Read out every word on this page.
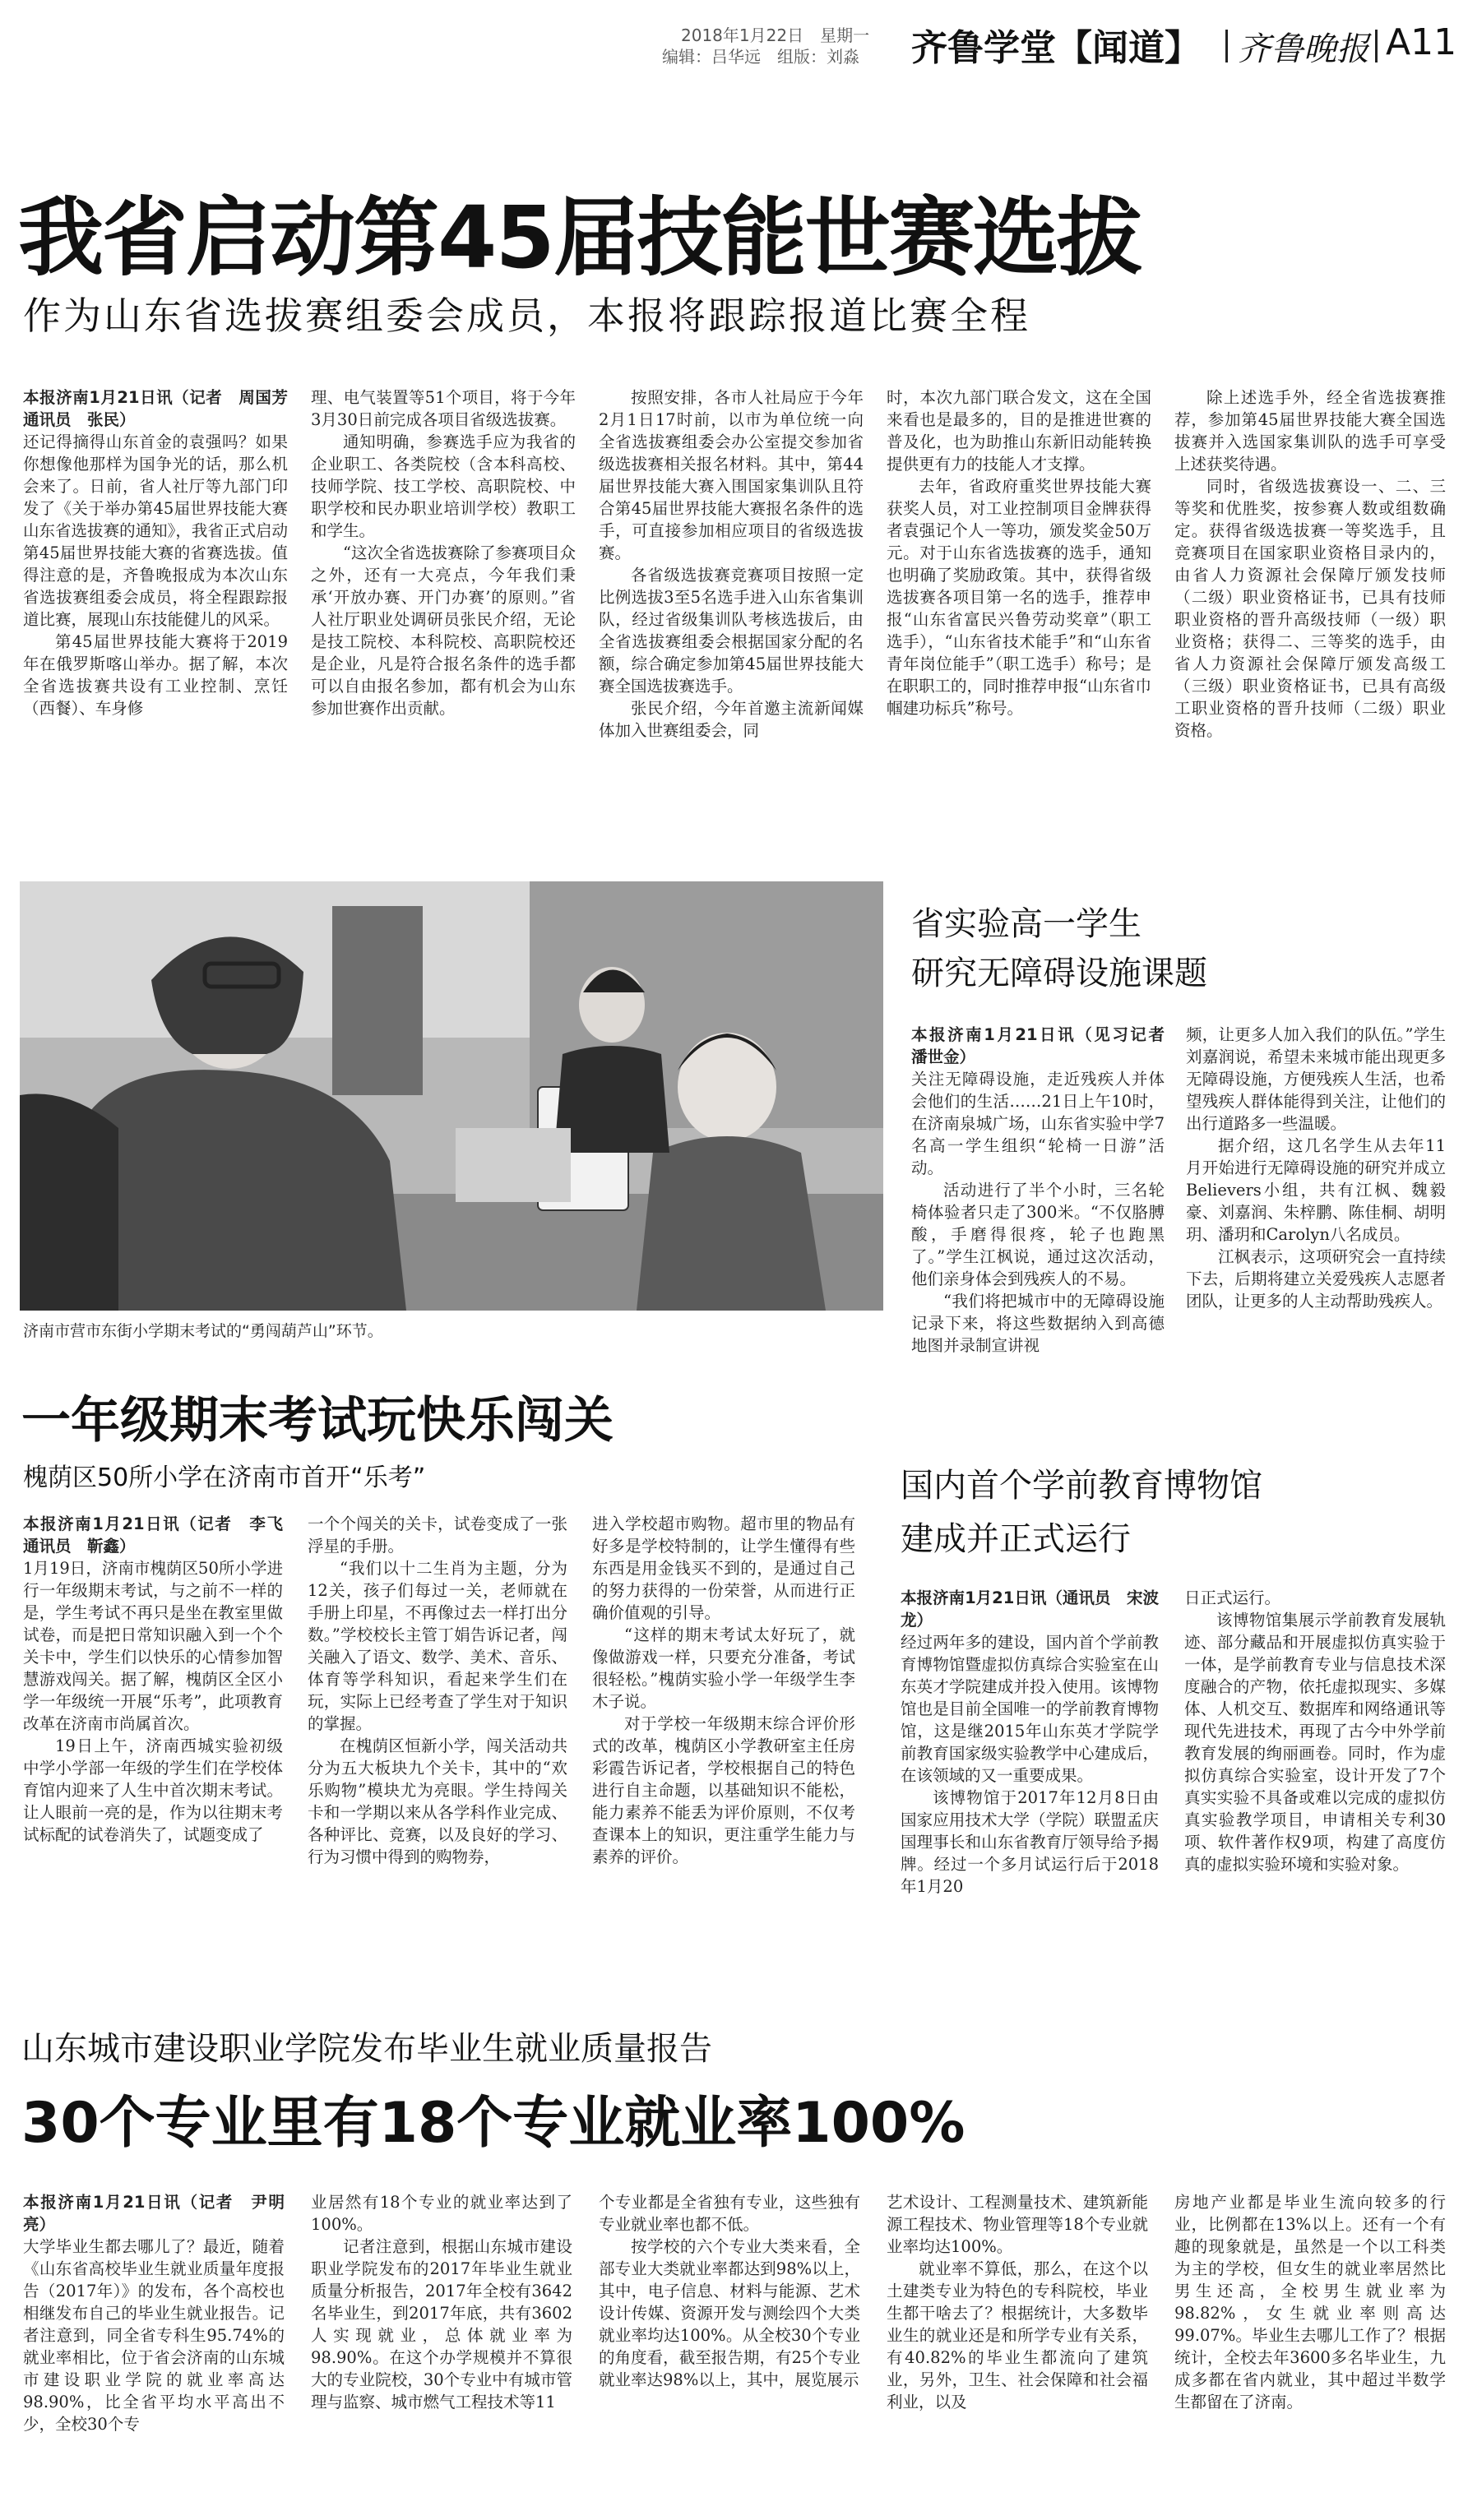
2018年1月22日　星期一
编辑：吕华远　组版：刘淼	齐鲁学堂【闻道】 齐鲁晚报 A11
我省启动第45届技能世赛选拔
作为山东省选拔赛组委会成员，本报将跟踪报道比赛全程

本报济南1月21日讯（记者　周国芳　通讯员　张民）

还记得摘得山东首金的袁强吗？如果你想像他那样为国争光的话，那么机会来了。日前，省人社厅等九部门印发了《关于举办第45届世界技能大赛山东省选拔赛的通知》，我省正式启动第45届世界技能大赛的省赛选拔。值得注意的是，齐鲁晚报成为本次山东省选拔赛组委会成员，将全程跟踪报道比赛，展现山东技能健儿的风采。

第45届世界技能大赛将于2019年在俄罗斯喀山举办。据了解，本次全省选拔赛共设有工业控制、烹饪（西餐）、车身修

理、电气装置等51个项目，将于今年3月30日前完成各项目省级选拔赛。

通知明确，参赛选手应为我省的企业职工、各类院校（含本科高校、技师学院、技工学校、高职院校、中职学校和民办职业培训学校）教职工和学生。

“这次全省选拔赛除了参赛项目众之外，还有一大亮点，今年我们秉承‘开放办赛、开门办赛’的原则。”省人社厅职业处调研员张民介绍，无论是技工院校、本科院校、高职院校还是企业，凡是符合报名条件的选手都可以自由报名参加，都有机会为山东参加世赛作出贡献。

按照安排，各市人社局应于今年2月1日17时前，以市为单位统一向全省选拔赛组委会办公室提交参加省级选拔赛相关报名材料。其中，第44届世界技能大赛入围国家集训队且符合第45届世界技能大赛报名条件的选手，可直接参加相应项目的省级选拔赛。

各省级选拔赛竞赛项目按照一定比例选拔3至5名选手进入山东省集训队，经过省级集训队考核选拔后，由全省选拔赛组委会根据国家分配的名额，综合确定参加第45届世界技能大赛全国选拔赛选手。

张民介绍，今年首邀主流新闻媒体加入世赛组委会，同

时，本次九部门联合发文，这在全国来看也是最多的，目的是推进世赛的普及化，也为助推山东新旧动能转换提供更有力的技能人才支撑。

去年，省政府重奖世界技能大赛获奖人员，对工业控制项目金牌获得者袁强记个人一等功，颁发奖金50万元。对于山东省选拔赛的选手，通知也明确了奖励政策。其中，获得省级选拔赛各项目第一名的选手，推荐申报“山东省富民兴鲁劳动奖章”（职工选手），“山东省技术能手”和“山东省青年岗位能手”（职工选手）称号；是在职职工的，同时推荐申报“山东省巾帼建功标兵”称号。

除上述选手外，经全省选拔赛推荐，参加第45届世界技能大赛全国选拔赛并入选国家集训队的选手可享受上述获奖待遇。

同时，省级选拔赛设一、二、三等奖和优胜奖，按参赛人数或组数确定。获得省级选拔赛一等奖选手，且竞赛项目在国家职业资格目录内的，由省人力资源社会保障厅颁发技师（二级）职业资格证书，已具有技师职业资格的晋升高级技师（一级）职业资格；获得二、三等奖的选手，由省人力资源社会保障厅颁发高级工（三级）职业资格证书，已具有高级工职业资格的晋升技师（二级）职业资格。

济南市营市东街小学期末考试的“勇闯葫芦山”环节。
省实验高一学生
研究无障碍设施课题

本报济南1月21日讯（见习记者　潘世金）

关注无障碍设施，走近残疾人并体会他们的生活……21日上午10时，在济南泉城广场，山东省实验中学7名高一学生组织“轮椅一日游”活动。

活动进行了半个小时，三名轮椅体验者只走了300米。“不仅胳膊酸，手磨得很疼，轮子也跑黑了。”学生江枫说，通过这次活动，他们亲身体会到残疾人的不易。

“我们将把城市中的无障碍设施记录下来，将这些数据纳入到高德地图并录制宣讲视

频，让更多人加入我们的队伍。”学生刘嘉润说，希望未来城市能出现更多无障碍设施，方便残疾人生活，也希望残疾人群体能得到关注，让他们的出行道路多一些温暖。

据介绍，这几名学生从去年11月开始进行无障碍设施的研究并成立Believers小组，共有江枫、魏毅豪、刘嘉润、朱梓鹏、陈佳桐、胡明玥、潘玥和Carolyn八名成员。

江枫表示，这项研究会一直持续下去，后期将建立关爱残疾人志愿者团队，让更多的人主动帮助残疾人。

一年级期末考试玩快乐闯关
槐荫区50所小学在济南市首开“乐考”

本报济南1月21日讯（记者　李飞　通讯员　靳鑫）

1月19日，济南市槐荫区50所小学进行一年级期末考试，与之前不一样的是，学生考试不再只是坐在教室里做试卷，而是把日常知识融入到一个个关卡中，学生们以快乐的心情参加智慧游戏闯关。据了解，槐荫区全区小学一年级统一开展“乐考”，此项教育改革在济南市尚属首次。

19日上午，济南西城实验初级中学小学部一年级的学生们在学校体育馆内迎来了人生中首次期末考试。让人眼前一亮的是，作为以往期末考试标配的试卷消失了，试题变成了

一个个闯关的关卡，试卷变成了一张浮星的手册。

“我们以十二生肖为主题，分为12关，孩子们每过一关，老师就在手册上印星，不再像过去一样打出分数。”学校校长主管丁娟告诉记者，闯关融入了语文、数学、美术、音乐、体育等学科知识，看起来学生们在玩，实际上已经考查了学生对于知识的掌握。

在槐荫区恒新小学，闯关活动共分为五大板块九个关卡，其中的“欢乐购物”模块尤为亮眼。学生持闯关卡和一学期以来从各学科作业完成、各种评比、竞赛，以及良好的学习、行为习惯中得到的购物券，

进入学校超市购物。超市里的物品有好多是学校特制的，让学生懂得有些东西是用金钱买不到的，是通过自己的努力获得的一份荣誉，从而进行正确价值观的引导。

“这样的期末考试太好玩了，就像做游戏一样，只要充分准备，考试很轻松。”槐荫实验小学一年级学生李木子说。

对于学校一年级期末综合评价形式的改革，槐荫区小学教研室主任房彩霞告诉记者，学校根据自己的特色进行自主命题，以基础知识不能松，能力素养不能丢为评价原则，不仅考查课本上的知识，更注重学生能力与素养的评价。

国内首个学前教育博物馆
建成并正式运行

本报济南1月21日讯（通讯员　宋波龙）

经过两年多的建设，国内首个学前教育博物馆暨虚拟仿真综合实验室在山东英才学院建成并投入使用。该博物馆也是目前全国唯一的学前教育博物馆，这是继2015年山东英才学院学前教育国家级实验教学中心建成后，在该领域的又一重要成果。

该博物馆于2017年12月8日由国家应用技术大学（学院）联盟孟庆国理事长和山东省教育厅领导给予揭牌。经过一个多月试运行后于2018年1月20

日正式运行。

该博物馆集展示学前教育发展轨迹、部分藏品和开展虚拟仿真实验于一体，是学前教育专业与信息技术深度融合的产物，依托虚拟现实、多媒体、人机交互、数据库和网络通讯等现代先进技术，再现了古今中外学前教育发展的绚丽画卷。同时，作为虚拟仿真综合实验室，设计开发了7个真实实验不具备或难以完成的虚拟仿真实验教学项目，申请相关专利30项、软件著作权9项，构建了高度仿真的虚拟实验环境和实验对象。

山东城市建设职业学院发布毕业生就业质量报告
30个专业里有18个专业就业率100%

本报济南1月21日讯（记者　尹明亮）

大学毕业生都去哪儿了？最近，随着《山东省高校毕业生就业质量年度报告（2017年）》的发布，各个高校也相继发布自己的毕业生就业报告。记者注意到，同全省专科生95.74%的就业率相比，位于省会济南的山东城市建设职业学院的就业率高达98.90%，比全省平均水平高出不少，全校30个专

业居然有18个专业的就业率达到了100%。

记者注意到，根据山东城市建设职业学院发布的2017年毕业生就业质量分析报告，2017年全校有3642名毕业生，到2017年底，共有3602人实现就业，总体就业率为98.90%。在这个办学规模并不算很大的专业院校，30个专业中有城市管理与监察、城市燃气工程技术等11

个专业都是全省独有专业，这些独有专业就业率也都不低。

按学校的六个专业大类来看，全部专业大类就业率都达到98%以上，其中，电子信息、材料与能源、艺术设计传媒、资源开发与测绘四个大类就业率均达100%。从全校30个专业的角度看，截至报告期，有25个专业就业率达98%以上，其中，展览展示

艺术设计、工程测量技术、建筑新能源工程技术、物业管理等18个专业就业率均达100%。

就业率不算低，那么，在这个以土建类专业为特色的专科院校，毕业生都干啥去了？根据统计，大多数毕业生的就业还是和所学专业有关系，有40.82%的毕业生都流向了建筑业，另外，卫生、社会保障和社会福利业，以及

房地产业都是毕业生流向较多的行业，比例都在13%以上。还有一个有趣的现象就是，虽然是一个以工科类为主的学校，但女生的就业率居然比男生还高，全校男生就业率为98.82%，女生就业率则高达99.07%。毕业生去哪儿工作了？根据统计，全校去年3600多名毕业生，九成多都在省内就业，其中超过半数学生都留在了济南。
